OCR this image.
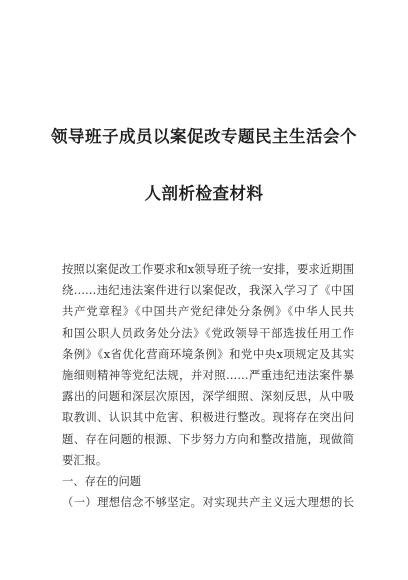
领导班子成员以案促改专题民主生活会个
人剖析检查材料
按照以案促改工作要求和x领导班子统一安排，要求近期围
绕……违纪违法案件进行以案促改，我深入学习了《中国
共产党章程》《中国共产党纪律处分条例》《中华人民共
和国公职人员政务处分法》《党政领导干部选拔任用工作
条例》《x省优化营商环境条例》和党中央x项规定及其实
施细则精神等党纪法规，并对照……严重违纪违法案件暴
露出的问题和深层次原因，深学细照、深刻反思，从中吸
取教训、认识其中危害、积极进行整改。现将存在突出问
题、存在问题的根源、下步努力方向和整改措施，现做简
要汇报。
一、存在的问题
（一）理想信念不够坚定。对实现共产主义远大理想的长
